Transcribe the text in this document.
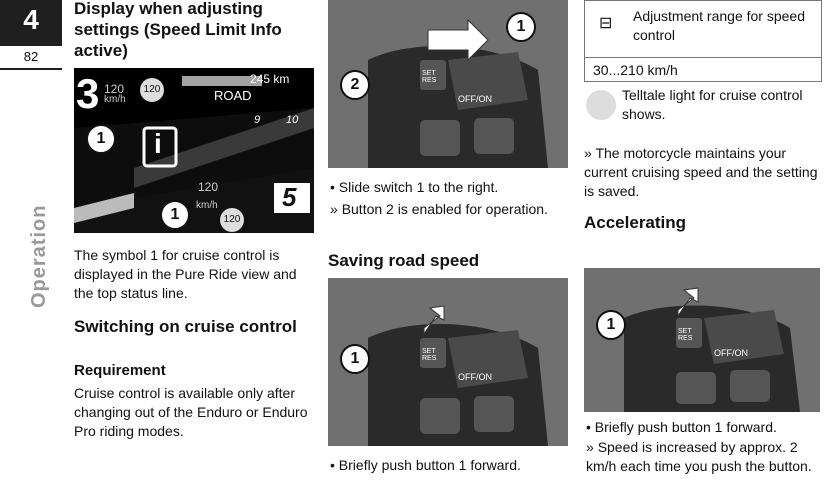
4
82
Operation
Display when adjusting settings (Speed Limit Info active)
3 120
km/h
120
245 km
ROAD
9 10
i
120
km/h
120
5
1
1

The symbol 1 for cruise control is displayed in the Pure Ride view and the top status line.

Switching on cruise control
Requirement

Cruise control is available only after changing out of the Enduro or Enduro Pro riding modes.

OFF/ON
SET RES
1
2
• Slide switch 1 to the right.
» Button 2 is enabled for operation.
Saving road speed
OFF/ON
SET RES
1
• Briefly push button 1 forward.
⊟ Adjustment range for speed control

30...210 km/h

Telltale light for cruise control shows.

» The motorcycle maintains your current cruising speed and the setting is saved.
Accelerating
OFF/ON
SET RES
1
• Briefly push button 1 forward.
» Speed is increased by approx. 2 km/h each time you push the button.
